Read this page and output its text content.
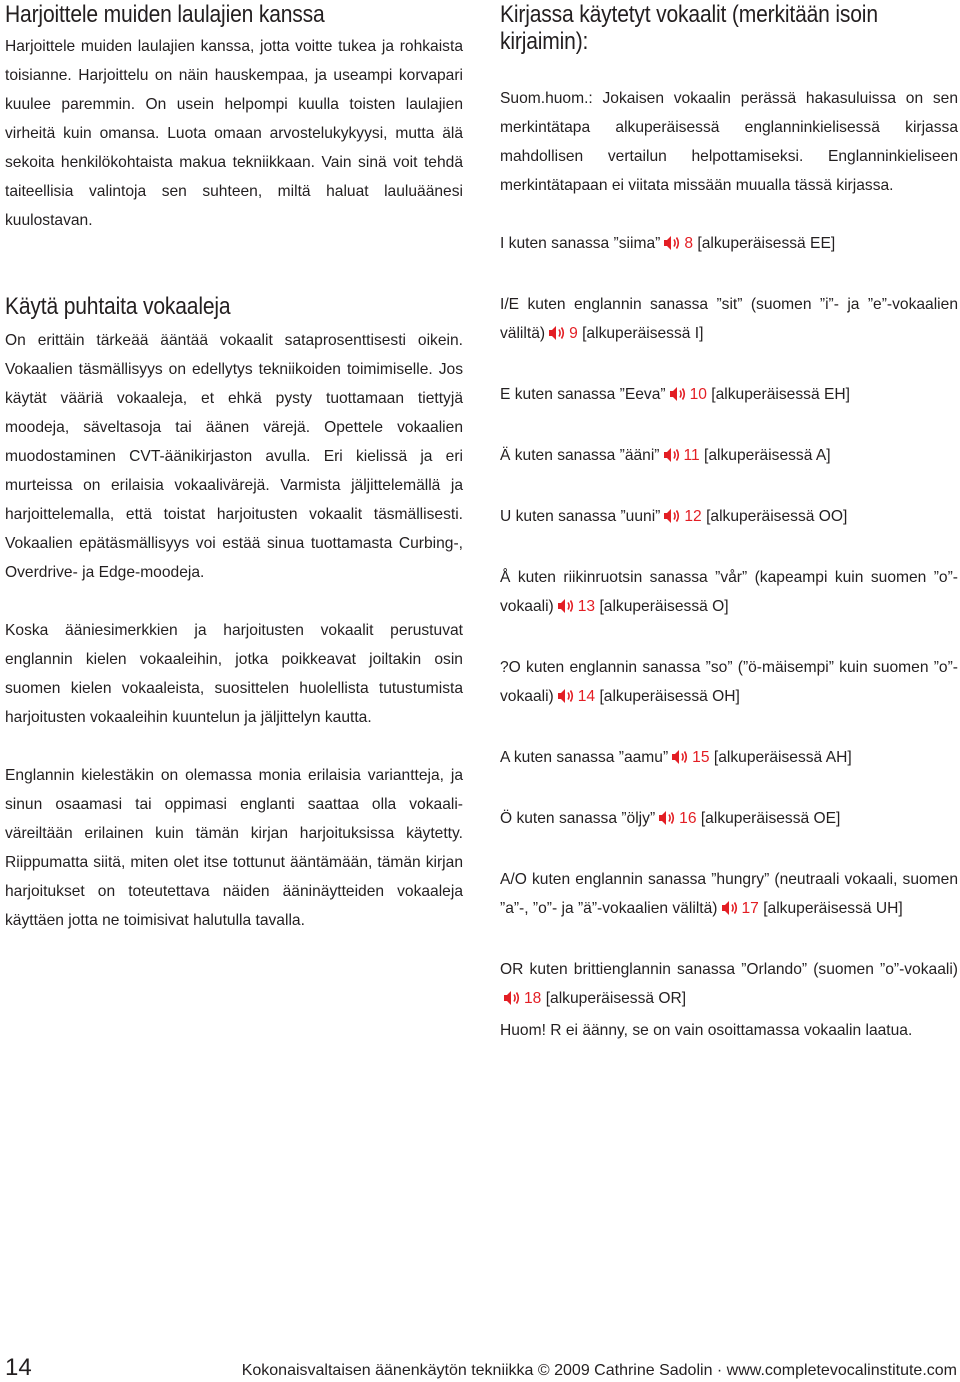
Harjoittele muiden laulajien kanssa

Harjoittele muiden laulajien kanssa, jotta voitte tukea ja rohkaista toisianne. Harjoittelu on näin hauskempaa, ja useampi korvapari kuulee paremmin. On usein helpompi kuulla toisten laulajien virheitä kuin omansa. Luota omaan arvostelukykyysi, mutta älä sekoita henkilökohtaista makua tekniikkaan. Vain sinä voit tehdä taiteellisia valintoja sen suhteen, miltä haluat lauluäänesi kuulostavan.

Käytä puhtaita vokaaleja

On erittäin tärkeää ääntää vokaalit sataprosenttisesti oikein. Vokaalien täsmällisyys on edellytys tekniikoiden toimimiselle. Jos käytät vääriä vokaaleja, et ehkä pysty tuottamaan tiettyjä moodeja, säveltasoja tai äänen värejä. Opettele vokaalien muodostaminen CVT-äänikirjaston avulla. Eri kielissä ja eri murteissa on erilaisia vokaalivärejä. Varmista jäljittelemällä ja harjoittelemalla, että toistat harjoitusten vokaalit täsmällisesti. Vokaalien epätäsmällisyys voi estää sinua tuottamasta Curbing-, Overdrive- ja Edge-moodeja.

Koska ääniesimerkkien ja harjoitusten vokaalit perustuvat englannin kielen vokaaleihin, jotka poikkeavat joiltakin osin suomen kielen vokaaleista, suosittelen huolellista tutustumista harjoitusten vokaaleihin kuuntelun ja jäljittelyn kautta.

Englannin kielestäkin on olemassa monia erilaisia variantteja, ja sinun osaamasi tai oppimasi englanti saattaa olla vokaaliväreiltään erilainen kuin tämän kirjan harjoituksissa käytetty. Riippumatta siitä, miten olet itse tottunut ääntämään, tämän kirjan harjoitukset on toteutettava näiden ääninäytteiden vokaaleja käyttäen jotta ne toimisivat halutulla tavalla.

Kirjassa käytetyt vokaalit (merkitään isoin kirjaimin):

Suom.huom.: Jokaisen vokaalin perässä hakasuluissa on sen merkintätapa alkuperäisessä englanninkielisessä kirjassa mahdollisen vertailun helpottamiseksi. Englanninkieliseen merkintätapaan ei viitata missään muualla tässä kirjassa.

I kuten sanassa ”siima” 8 [alkuperäisessä EE]

I/E kuten englannin sanassa ”sit” (suomen ”i”- ja ”e”-vokaalien väliltä) 9 [alkuperäisessä I]

E kuten sanassa ”Eeva” 10 [alkuperäisessä EH]

Ä kuten sanassa ”ääni” 11 [alkuperäisessä A]

U kuten sanassa ”uuni” 12 [alkuperäisessä OO]

Å kuten riikinruotsin sanassa ”vår” (kapeampi kuin suomen ”o”-vokaali) 13 [alkuperäisessä O]

?O kuten englannin sanassa ”so” (”ö-mäisempi” kuin suomen ”o”-vokaali) 14 [alkuperäisessä OH]

A kuten sanassa ”aamu” 15 [alkuperäisessä AH]

Ö kuten sanassa ”öljy” 16 [alkuperäisessä OE]

A/O kuten englannin sanassa ”hungry” (neutraali vokaali, suomen ”a”-, ”o”- ja ”ä”-vokaalien väliltä) 17 [alkuperäisessä UH]

OR kuten brittienglannin sanassa ”Orlando” (suomen ”o”-vokaali)18 [alkuperäisessä OR]

Huom! R ei äänny, se on vain osoittamassa vokaalin laatua.

14	Kokonaisvaltaisen äänenkäytön tekniikka © 2009 Cathrine Sadolin · www.completevocalinstitute.com
